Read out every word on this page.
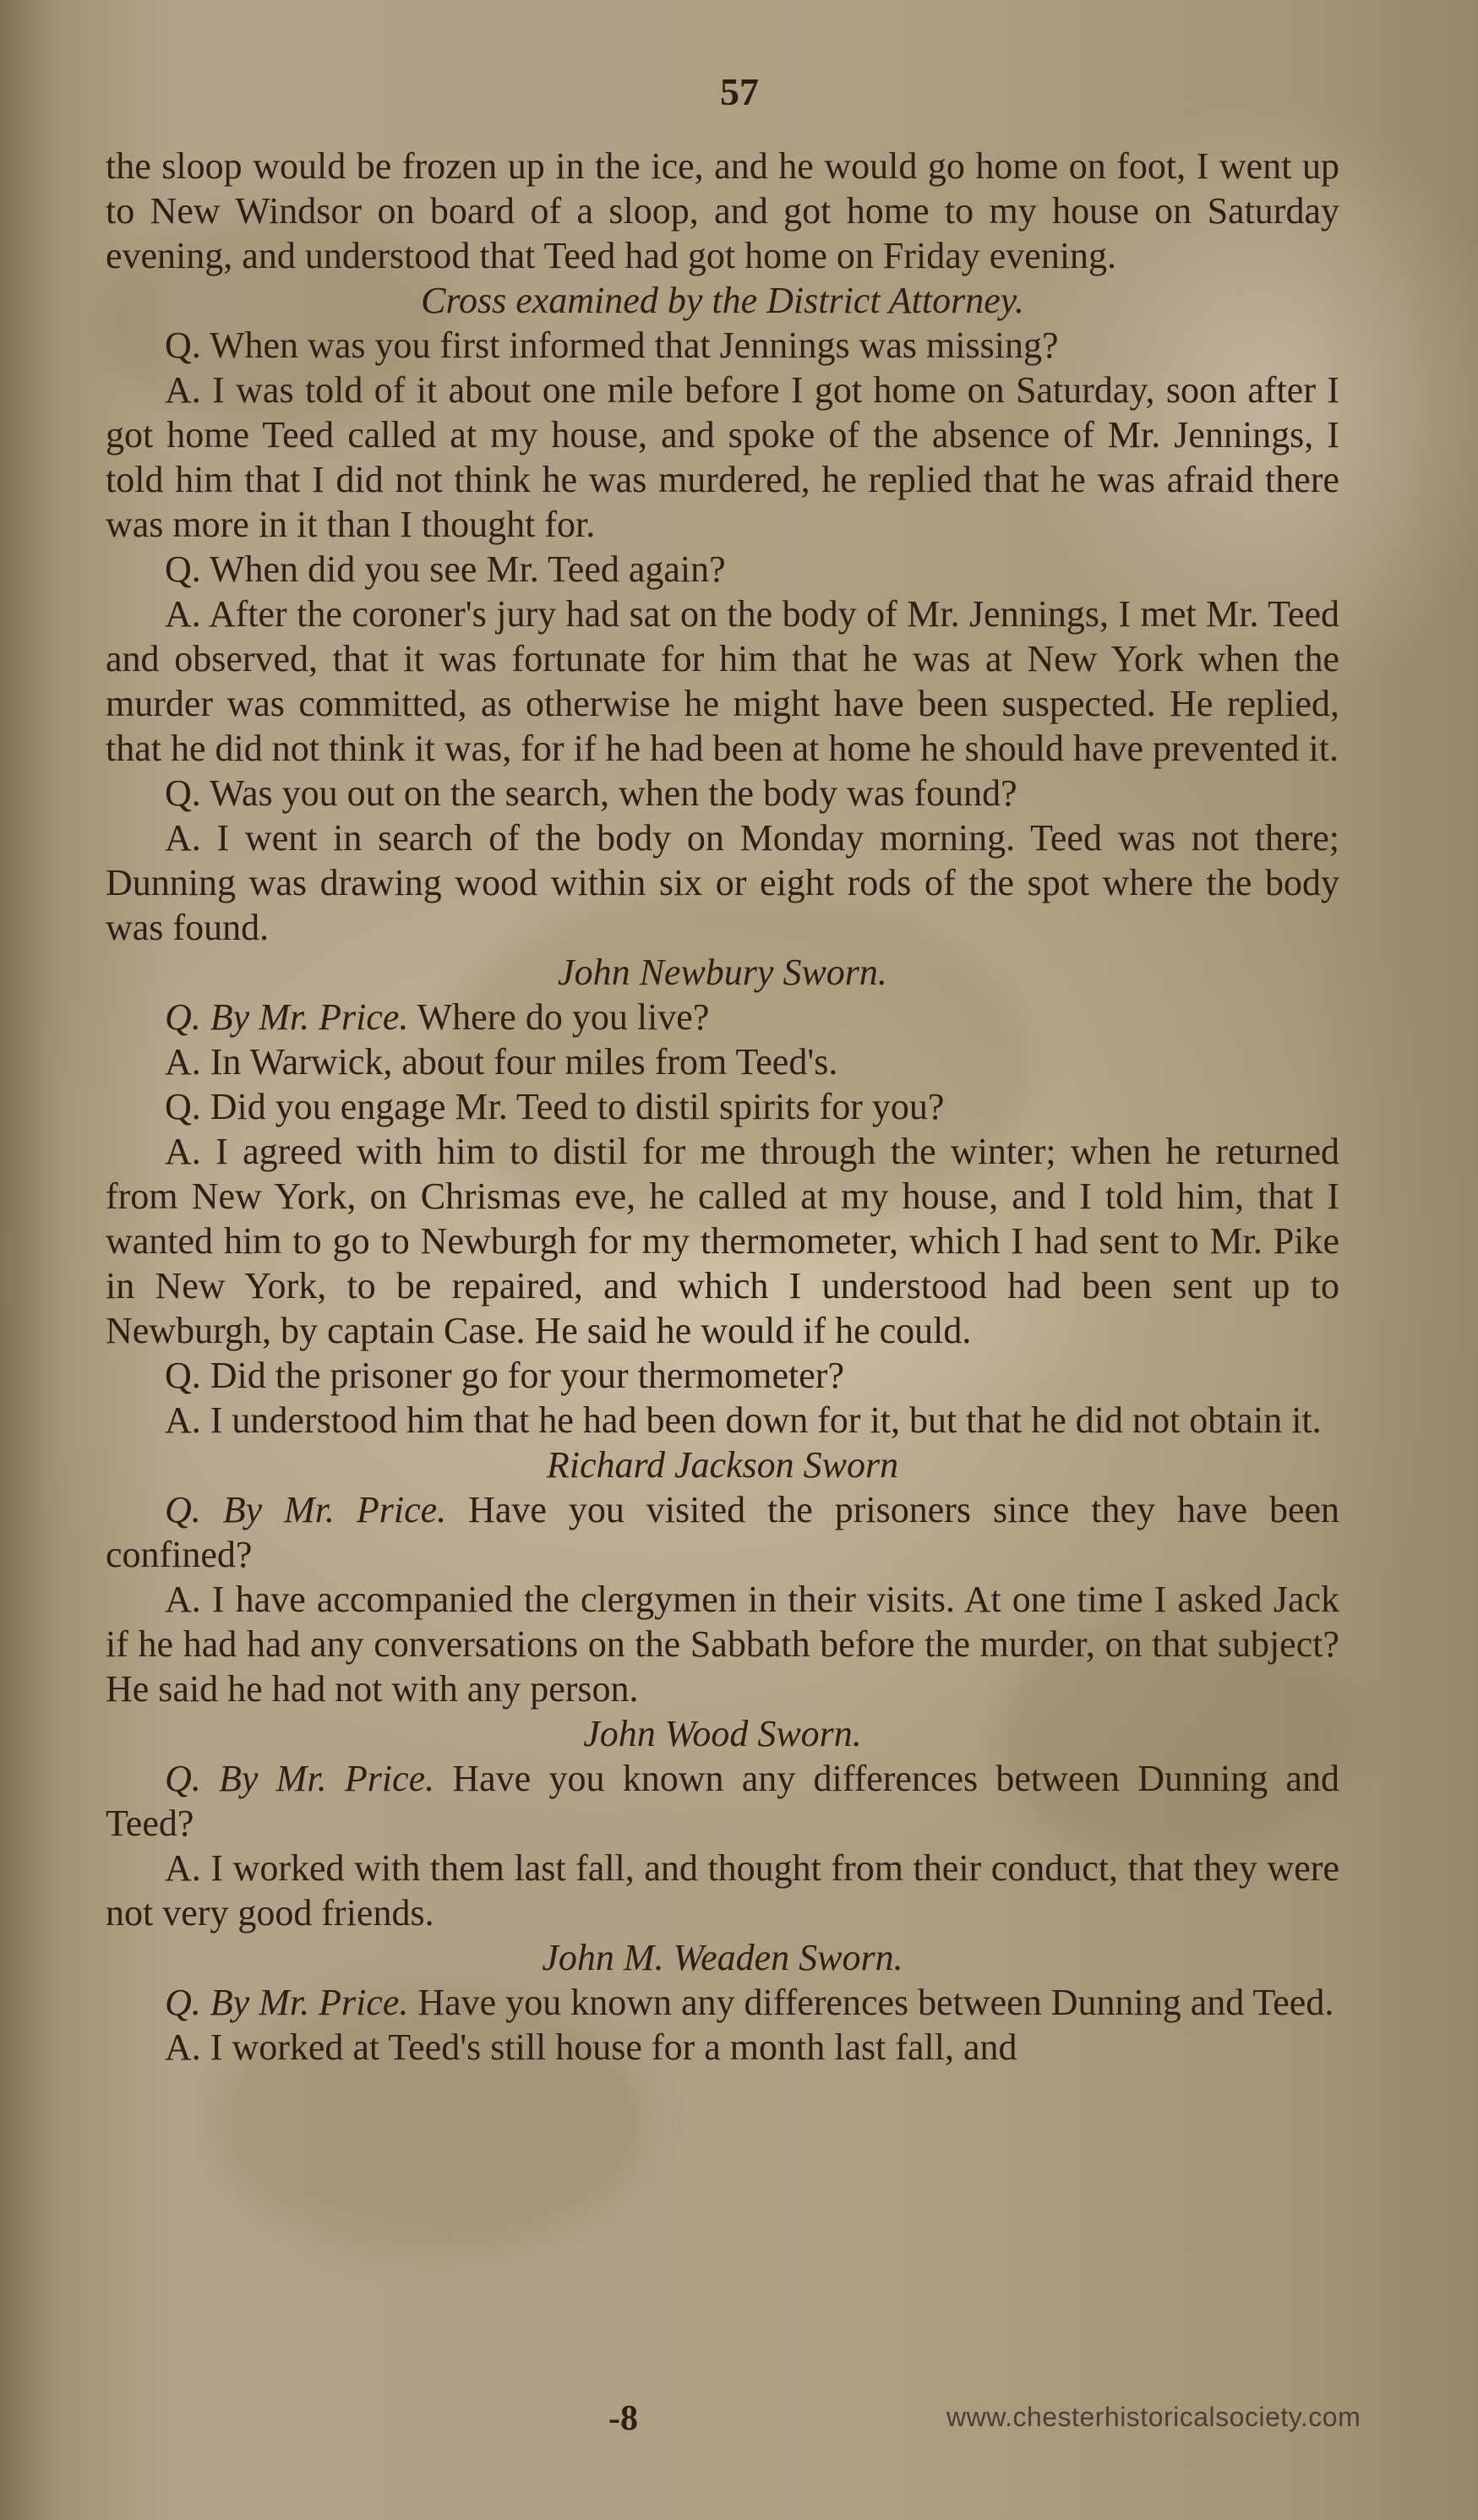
57
the sloop would be frozen up in the ice, and he would go home on foot, I went up to New Windsor on board of a sloop, and got home to my house on Saturday evening, and understood that Teed had got home on Friday evening.
Cross examined by the District Attorney.
Q. When was you first informed that Jennings was missing?
A. I was told of it about one mile before I got home on Saturday, soon after I got home Teed called at my house, and spoke of the absence of Mr. Jennings, I told him that I did not think he was murdered, he replied that he was afraid there was more in it than I thought for.
Q. When did you see Mr. Teed again?
A. After the coroner's jury had sat on the body of Mr. Jennings, I met Mr. Teed and observed, that it was fortunate for him that he was at New York when the murder was committed, as otherwise he might have been suspected. He replied, that he did not think it was, for if he had been at home he should have prevented it.
Q. Was you out on the search, when the body was found?
A. I went in search of the body on Monday morning. Teed was not there; Dunning was drawing wood within six or eight rods of the spot where the body was found.
John Newbury Sworn.
Q. By Mr. Price. Where do you live?
A. In Warwick, about four miles from Teed's.
Q. Did you engage Mr. Teed to distil spirits for you?
A. I agreed with him to distil for me through the winter; when he returned from New York, on Chrismas eve, he called at my house, and I told him, that I wanted him to go to Newburgh for my thermometer, which I had sent to Mr. Pike in New York, to be repaired, and which I understood had been sent up to Newburgh, by captain Case. He said he would if he could.
Q. Did the prisoner go for your thermometer?
A. I understood him that he had been down for it, but that he did not obtain it.
Richard Jackson Sworn
Q. By Mr. Price. Have you visited the prisoners since they have been confined?
A. I have accompanied the clergymen in their visits. At one time I asked Jack if he had had any conversations on the Sabbath before the murder, on that subject? He said he had not with any person.
John Wood Sworn.
Q. By Mr. Price. Have you known any differences between Dunning and Teed?
A. I worked with them last fall, and thought from their conduct, that they were not very good friends.
John M. Weaden Sworn.
Q. By Mr. Price. Have you known any differences between Dunning and Teed.
A. I worked at Teed's still house for a month last fall, and
-8	www.chesterhistoricalsociety.com
